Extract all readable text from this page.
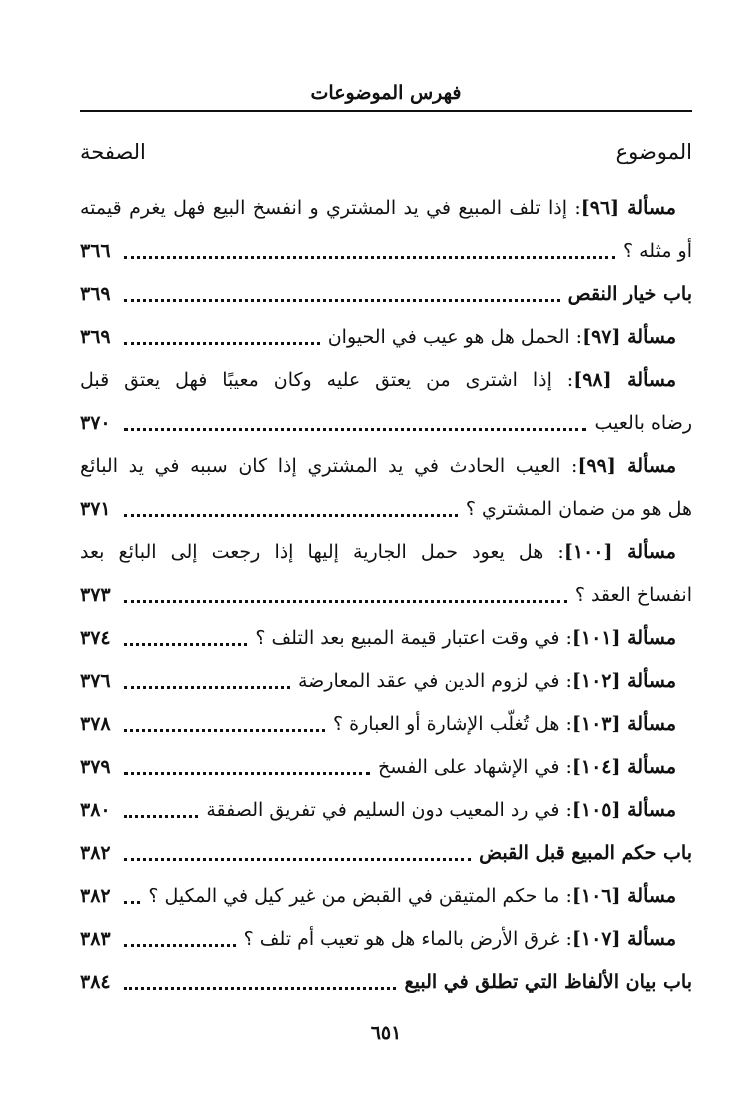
فهرس الموضوعات
الموضوع
الصفحة
مسألة [٩٦]: إذا تلف المبيع في يد المشتري و انفسخ البيع فهل يغرم قيمته
أو مثله ؟
٣٦٦
باب خيار النقص
٣٦٩
مسألة [٩٧]: الحمل هل هو عيب في الحيوان
٣٦٩
مسألة [٩٨]: إذا اشترى من يعتق عليه وكان معيبًا فهل يعتق قبل
رضاه بالعيب
٣٧٠
مسألة [٩٩]: العيب الحادث في يد المشتري إذا كان سببه في يد البائع
هل هو من ضمان المشتري ؟
٣٧١
مسألة [١٠٠]: هل يعود حمل الجارية إليها إذا رجعت إلى البائع بعد
انفساخ العقد ؟
٣٧٣
مسألة [١٠١]: في وقت اعتبار قيمة المبيع بعد التلف ؟
٣٧٤
مسألة [١٠٢]: في لزوم الدين في عقد المعارضة
٣٧٦
مسألة [١٠٣]: هل تُغلّب الإشارة أو العبارة ؟
٣٧٨
مسألة [١٠٤]: في الإشهاد على الفسخ
٣٧٩
مسألة [١٠٥]: في رد المعيب دون السليم في تفريق الصفقة
٣٨٠
باب حكم المبيع قبل القبض
٣٨٢
مسألة [١٠٦]: ما حكم المتيقن في القبض من غير كيل في المكيل ؟
٣٨٢
مسألة [١٠٧]: غرق الأرض بالماء هل هو تعيب أم تلف ؟
٣٨٣
باب بيان الألفاظ التي تطلق في البيع
٣٨٤
٦٥١
